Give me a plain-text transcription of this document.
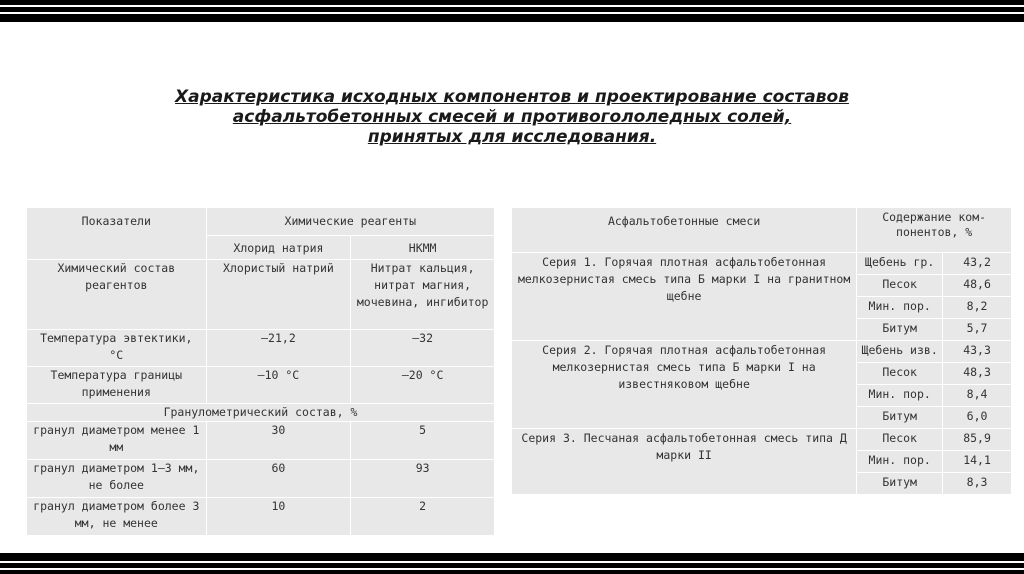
Характеристика исходных компонентов и проектирование составов
асфальтобетонных смесей и противогололедных солей,
принятых для исследования.
Показатели	Химические реагенты	
	Хлорид натрия	НКММ
Химический состав реагентов	Хлористый натрий	Нитрат кальция, нитрат магния, мочевина, ингибитор
Температура эвтектики, °С	–21,2	–32
Температура границы применения	–10 °С	–20 °С
Гранулометрический состав, %		
гранул диаметром менее 1 мм	30	5
гранул диаметром 1–3 мм, не более	60	93
гранул диаметром более 3 мм, не менее	10	2
Асфальтобетонные смеси	Содержание ком-понентов, %	
Серия 1. Горячая плотная асфальтобетонная мелкозернистая смесь типа Б марки I на гранитном щебне	Щебень гр.	43,2
	Песок	48,6
	Мин. пор.	8,2
	Битум	5,7
Серия 2. Горячая плотная асфальтобетонная мелкозернистая смесь типа Б марки I на известняковом щебне	Щебень изв.	43,3
	Песок	48,3
	Мин. пор.	8,4
	Битум	6,0
Серия 3. Песчаная асфальтобетонная смесь типа Д марки II	Песок	85,9
	Мин. пор.	14,1
	Битум	8,3
